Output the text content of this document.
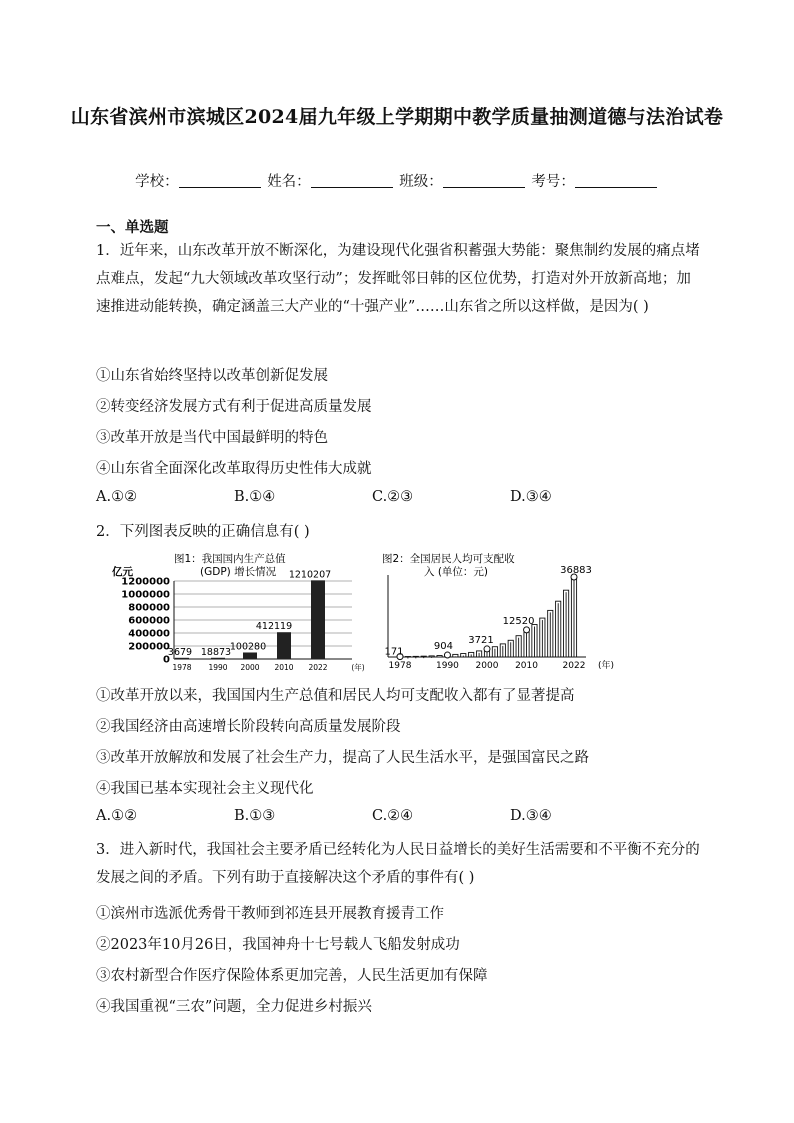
山东省滨州市滨城区2024届九年级上学期期中教学质量抽测道德与法治试卷
学校：	姓名：	班级：	考号：
一、单选题
1．近年来，山东改革开放不断深化，为建设现代化强省积蓄强大势能：聚焦制约发展的痛点堵点难点，发起“九大领域改革攻坚行动”；发挥毗邻日韩的区位优势，打造对外开放新高地；加速推进动能转换，确定涵盖三大产业的“十强产业”……山东省之所以这样做，是因为( )
①山东省始终坚持以改革创新促发展
②转变经济发展方式有利于促进高质量发展
③改革开放是当代中国最鲜明的特色
④山东省全面深化改革取得历史性伟大成就
A.①②	B.①④	C.②③	D.③④
2．下列图表反映的正确信息有( )
图1：我国国内生产总值
(GDP) 增长情况
亿元
0
200000
400000
600000
800000
1000000
1200000
3679
1978
18873
1990
100280
2000
412119
2010
1210207
2022	(年)
图2：全国居民人均可支配收
入 (单位：元)
171
1978
904
1990
3721
2000
12520
2010
36883
2022 (年)
①改革开放以来，我国国内生产总值和居民人均可支配收入都有了显著提高
②我国经济由高速增长阶段转向高质量发展阶段
③改革开放解放和发展了社会生产力，提高了人民生活水平，是强国富民之路
④我国已基本实现社会主义现代化
A.①②	B.①③	C.②④	D.③④
3．进入新时代，我国社会主要矛盾已经转化为人民日益增长的美好生活需要和不平衡不充分的发展之间的矛盾。下列有助于直接解决这个矛盾的事件有( )
①滨州市选派优秀骨干教师到祁连县开展教育援青工作
②2023年10月26日，我国神舟十七号载人飞船发射成功
③农村新型合作医疗保险体系更加完善，人民生活更加有保障
④我国重视“三农”问题，全力促进乡村振兴
